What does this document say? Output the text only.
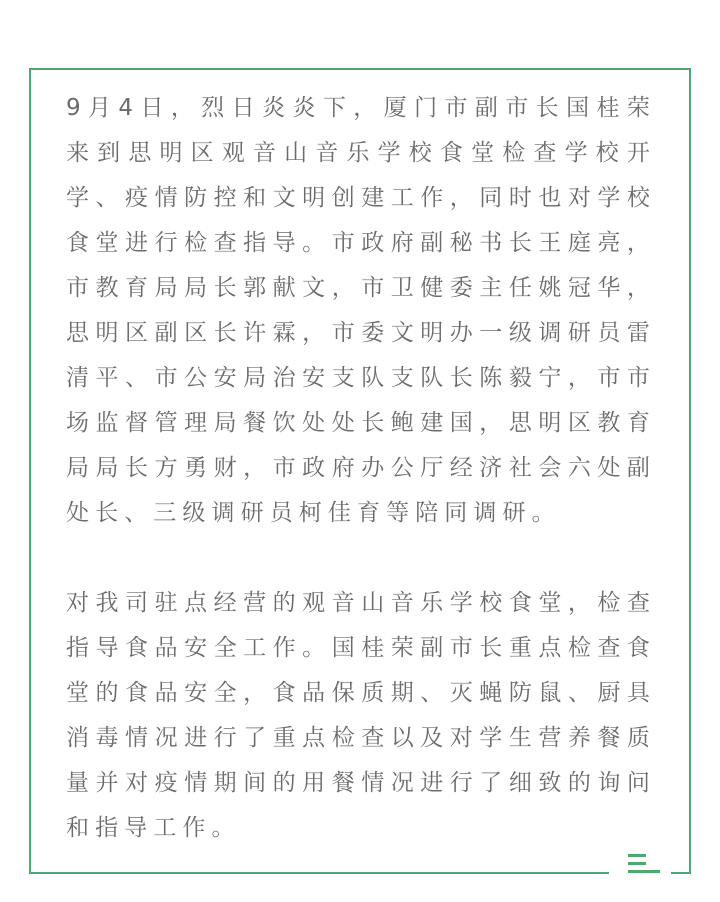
9月4日，烈日炎炎下，厦门市副市长国桂荣来到思明区观音山音乐学校食堂检查学校开学、疫情防控和文明创建工作，同时也对学校食堂进行检查指导。市政府副秘书长王庭亮，市教育局局长郭献文，市卫健委主任姚冠华，思明区副区长许霖，市委文明办一级调研员雷清平、市公安局治安支队支队长陈毅宁，市市场监督管理局餐饮处处长鲍建国，思明区教育局局长方勇财，市政府办公厅经济社会六处副处长、三级调研员柯佳育等陪同调研。

对我司驻点经营的观音山音乐学校食堂，检查指导食品安全工作。国桂荣副市长重点检查食堂的食品安全，食品保质期、灭蝇防鼠、厨具消毒情况进行了重点检查以及对学生营养餐质量并对疫情期间的用餐情况进行了细致的询问和指导工作。
